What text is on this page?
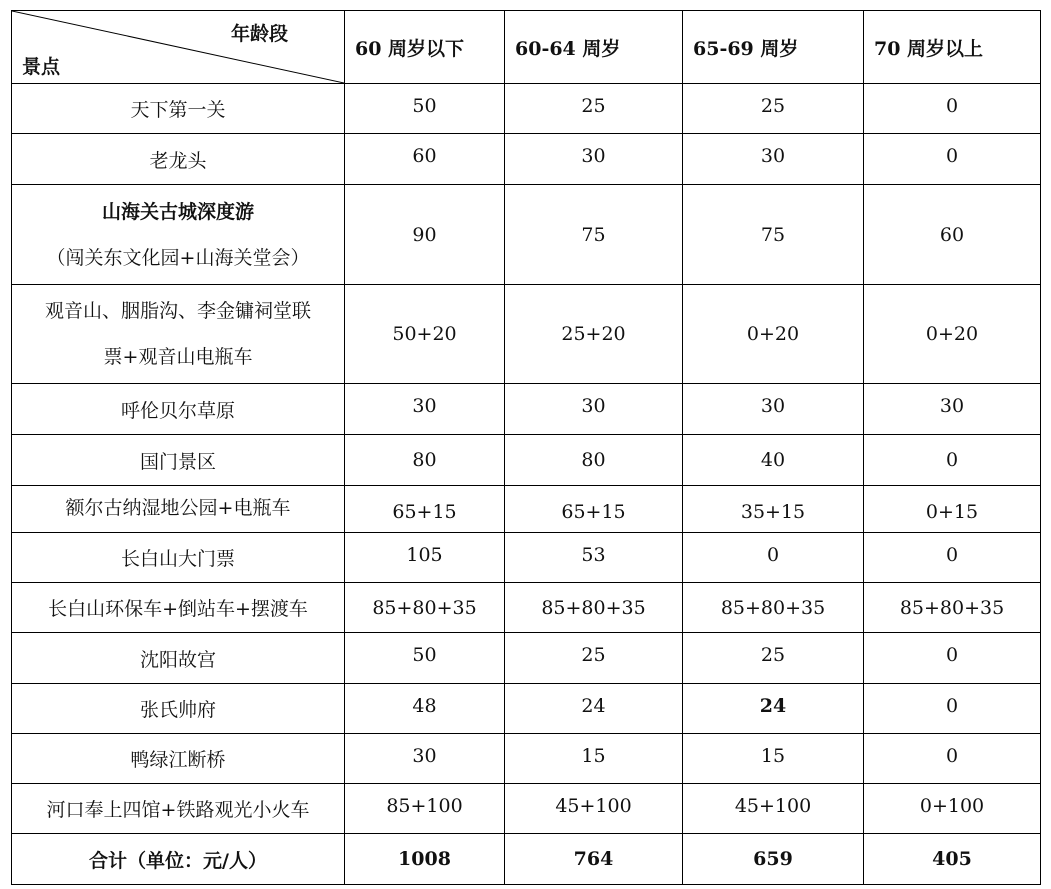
年龄段
景点	60 周岁以下	60-64 周岁	65-69 周岁	70 周岁以上
天下第一关	50	25	25	0
老龙头	60	30	30	0

山海关古城深度游
（闯关东文化园+山海关堂会）	90	75	75	60

观音山、胭脂沟、李金镛祠堂联
票+观音山电瓶车	50+20	25+20	0+20	0+20
呼伦贝尔草原	30	30	30	30
国门景区	80	80	40	0
额尔古纳湿地公园+电瓶车	65+15	65+15	35+15	0+15
长白山大门票	105	53	0	0
长白山环保车+倒站车+摆渡车	85+80+35	85+80+35	85+80+35	85+80+35
沈阳故宫	50	25	25	0
张氏帅府	48	24	24	0
鸭绿江断桥	30	15	15	0
河口奉上四馆+铁路观光小火车	85+100	45+100	45+100	0+100
合计（单位：元/人）	1008	764	659	405
